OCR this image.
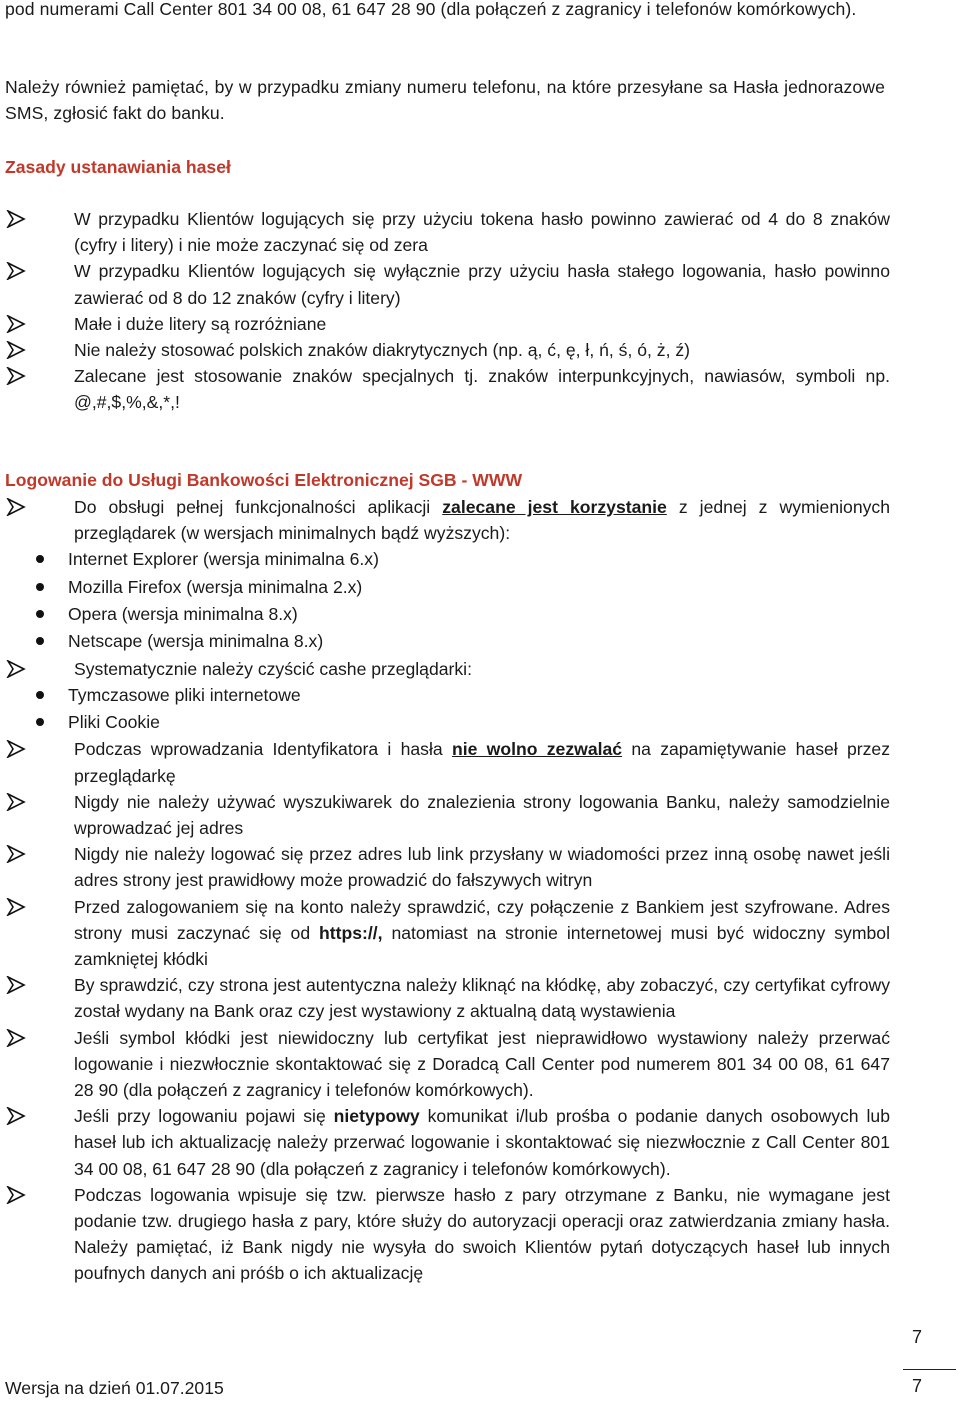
pod numerami Call Center 801 34 00 08, 61 647 28 90 (dla połączeń z zagranicy i telefonów komórkowych).

Należy również pamiętać, by w przypadku zmiany numeru telefonu, na które przesyłane sa Hasła jednorazowe SMS, zgłosić fakt do banku.

Zasady ustanawiania haseł
W przypadku Klientów logujących się przy użyciu tokena hasło powinno zawierać od 4 do 8 znaków (cyfry i litery) i nie może zaczynać się od zera
W przypadku Klientów logujących się wyłącznie przy użyciu hasła stałego logowania, hasło powinno zawierać od 8 do 12 znaków (cyfry i litery)
Małe i duże litery są rozróżniane
Nie należy stosować polskich znaków diakrytycznych (np. ą, ć, ę, ł, ń, ś, ó, ż, ź)
Zalecane jest stosowanie znaków specjalnych tj. znaków interpunkcyjnych, nawiasów, symboli np. @,#,$,%,&,*,!
Logowanie do Usługi Bankowości Elektronicznej SGB - WWW
Do obsługi pełnej funkcjonalności aplikacji zalecane jest korzystanie z jednej z wymienionych przeglądarek (w wersjach minimalnych bądź wyższych):
Internet Explorer (wersja minimalna 6.x)
Mozilla Firefox (wersja minimalna 2.x)
Opera (wersja minimalna 8.x)
Netscape (wersja minimalna 8.x)
Systematycznie należy czyścić cashe przeglądarki:
Tymczasowe pliki internetowe
Pliki Cookie
Podczas wprowadzania Identyfikatora i hasła nie wolno zezwalać na zapamiętywanie haseł przez przeglądarkę
Nigdy nie należy używać wyszukiwarek do znalezienia strony logowania Banku, należy samodzielnie wprowadzać jej adres
Nigdy nie należy logować się przez adres lub link przysłany w wiadomości przez inną osobę nawet jeśli adres strony jest prawidłowy może prowadzić do fałszywych witryn
Przed zalogowaniem się na konto należy sprawdzić, czy połączenie z Bankiem jest szyfrowane. Adres strony musi zaczynać się od https://, natomiast na stronie internetowej musi być widoczny symbol zamkniętej kłódki
By sprawdzić, czy strona jest autentyczna należy kliknąć na kłódkę, aby zobaczyć, czy certyfikat cyfrowy został wydany na Bank oraz czy jest wystawiony z aktualną datą wystawienia
Jeśli symbol kłódki jest niewidoczny lub certyfikat jest nieprawidłowo wystawiony należy przerwać logowanie i niezwłocznie skontaktować się z Doradcą Call Center pod numerem 801 34 00 08, 61 647 28 90 (dla połączeń z zagranicy i telefonów komórkowych).
Jeśli przy logowaniu pojawi się nietypowy komunikat i/lub prośba o podanie danych osobowych lub haseł lub ich aktualizację należy przerwać logowanie i skontaktować się niezwłocznie z Call Center 801 34 00 08, 61 647 28 90 (dla połączeń z zagranicy i telefonów komórkowych).
Podczas logowania wpisuje się tzw. pierwsze hasło z pary otrzymane z Banku, nie wymagane jest podanie tzw. drugiego hasła z pary, które służy do autoryzacji operacji oraz zatwierdzania zmiany hasła. Należy pamiętać, iż Bank nigdy nie wysyła do swoich Klientów pytań dotyczących haseł lub innych poufnych danych ani próśb o ich aktualizację
7
7
Wersja na dzień 01.07.2015
